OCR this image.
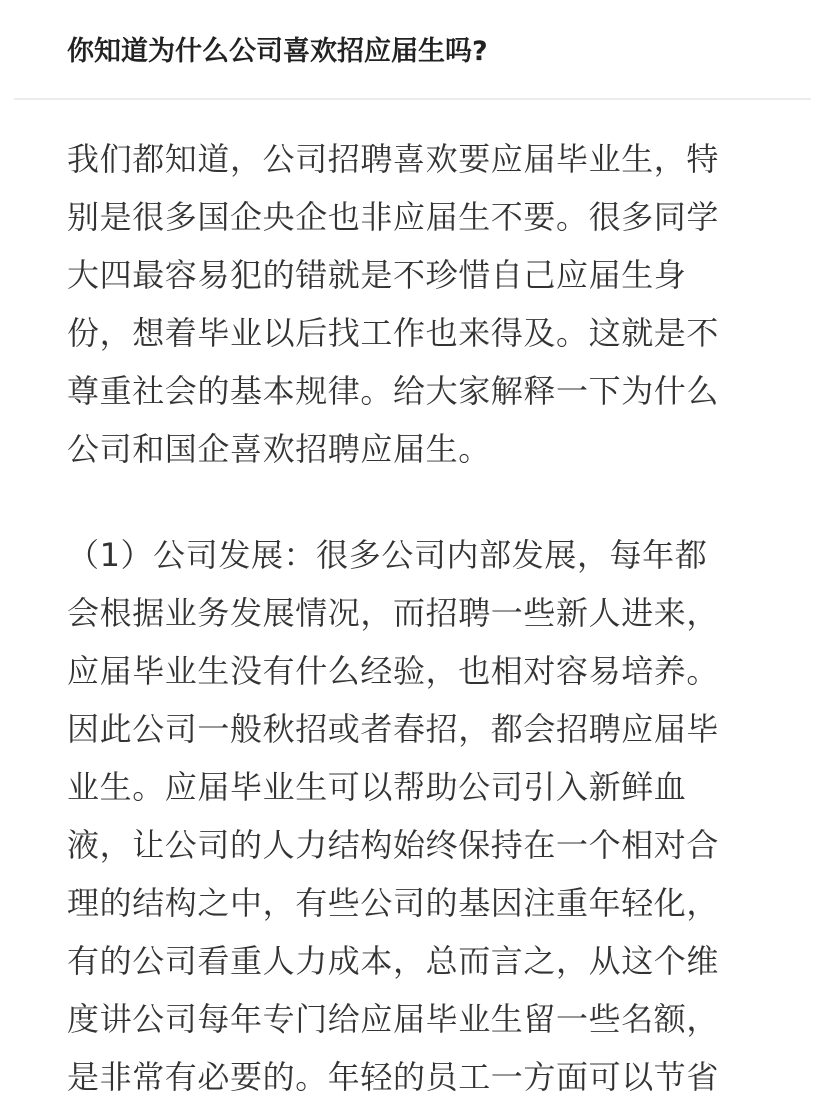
你知道为什么公司喜欢招应届生吗?

我们都知道，公司招聘喜欢要应届毕业生，特
别是很多国企央企也非应届生不要。很多同学
大四最容易犯的错就是不珍惜自己应届生身
份，想着毕业以后找工作也来得及。这就是不
尊重社会的基本规律。给大家解释一下为什么
公司和国企喜欢招聘应届生。

（1）公司发展：很多公司内部发展，每年都
会根据业务发展情况，而招聘一些新人进来，
应届毕业生没有什么经验，也相对容易培养。
因此公司一般秋招或者春招，都会招聘应届毕
业生。应届毕业生可以帮助公司引入新鲜血
液，让公司的人力结构始终保持在一个相对合
理的结构之中，有些公司的基因注重年轻化，
有的公司看重人力成本，总而言之，从这个维
度讲公司每年专门给应届毕业生留一些名额，
是非常有必要的。年轻的员工一方面可以节省
